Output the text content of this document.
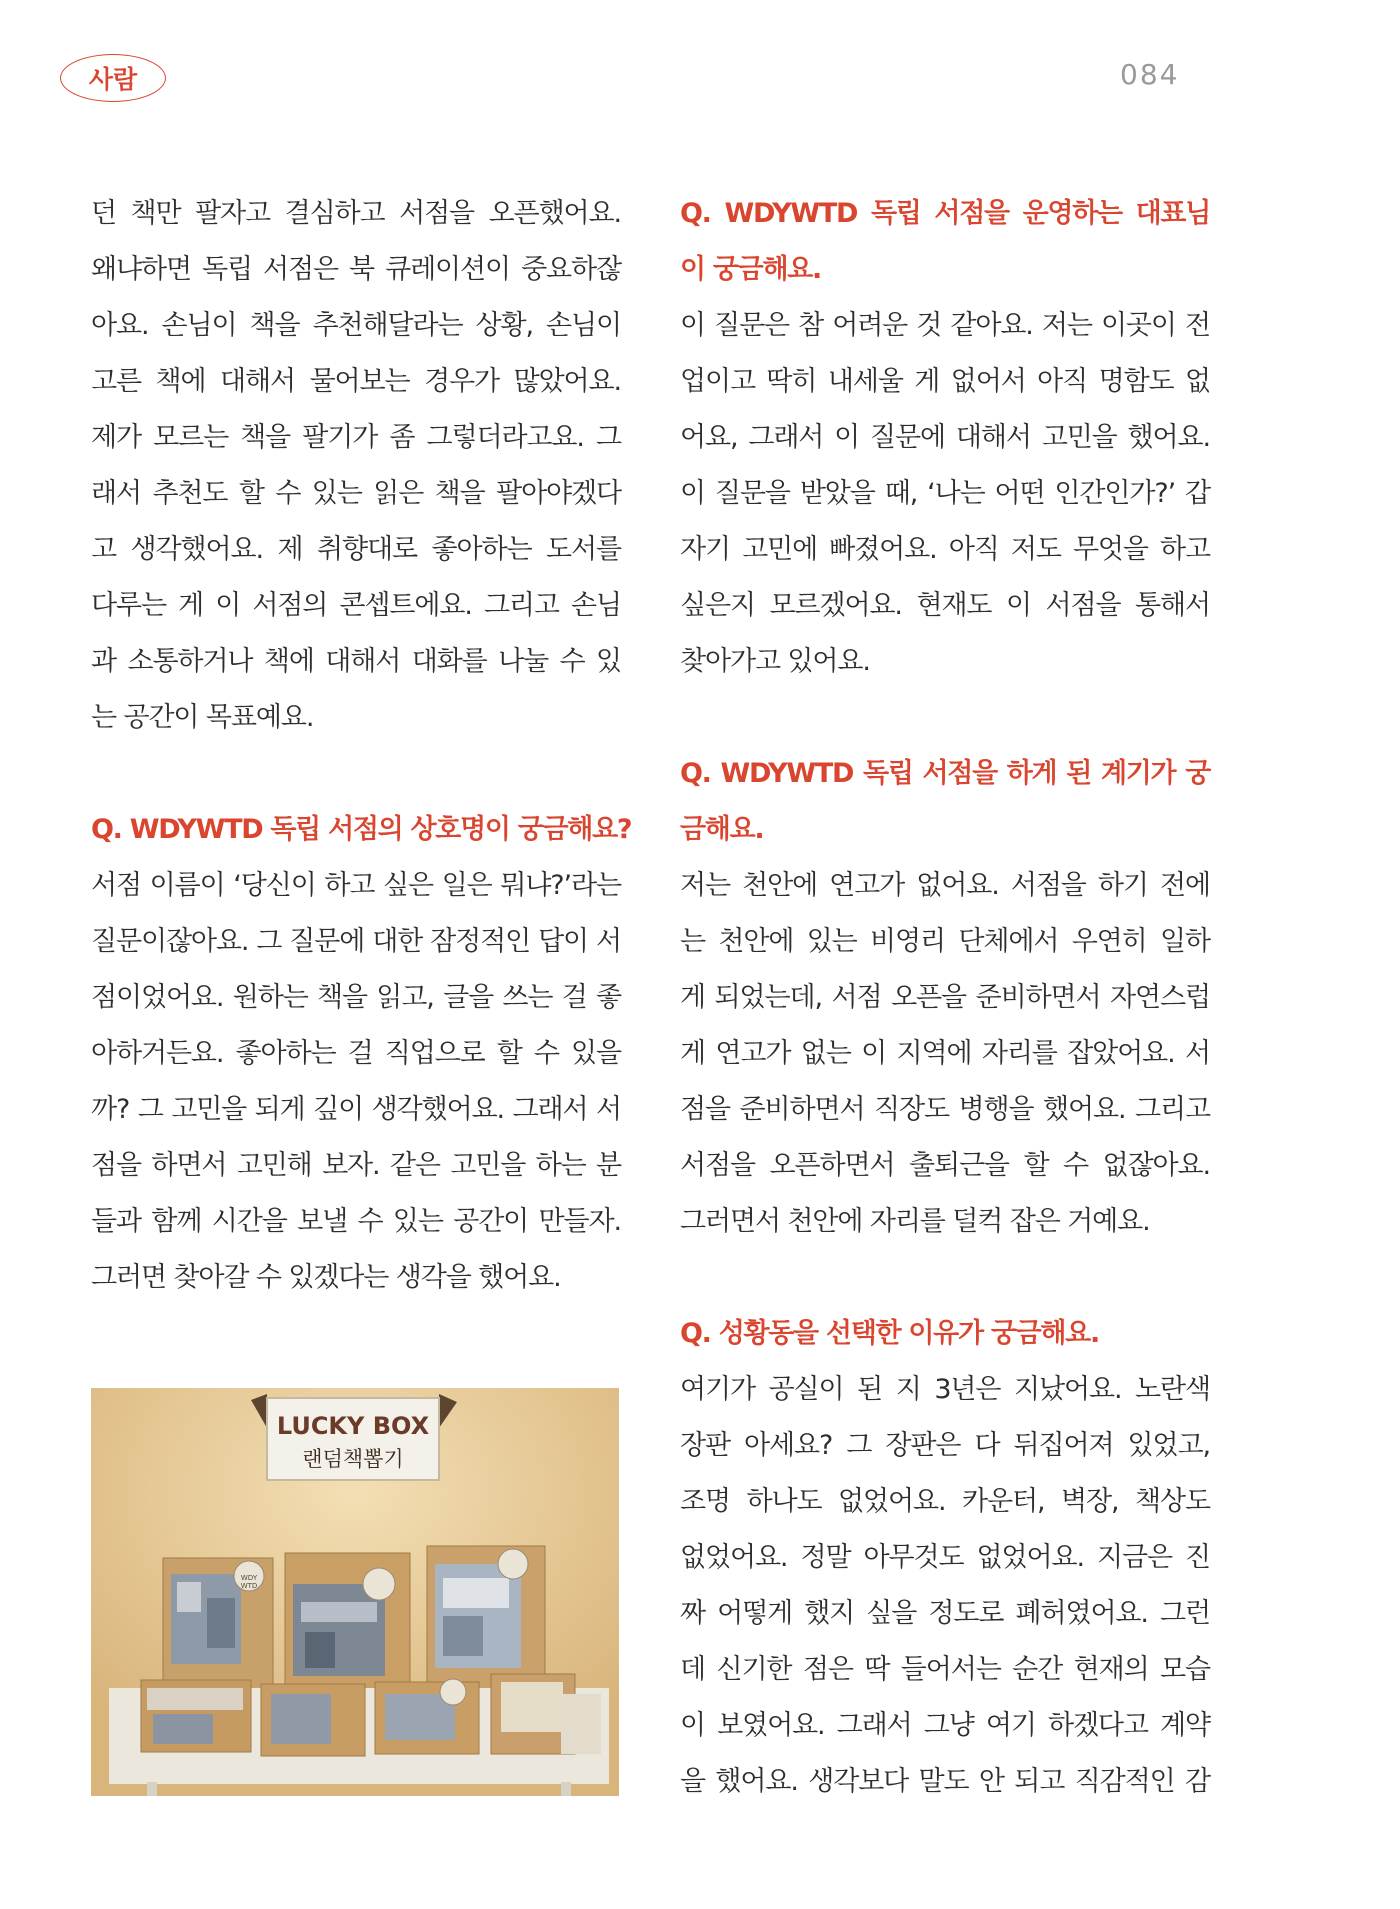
사람	084
던 책만 팔자고 결심하고 서점을 오픈했어요.
왜냐하면 독립 서점은 북 큐레이션이 중요하잖
아요. 손님이 책을 추천해달라는 상황, 손님이
고른 책에 대해서 물어보는 경우가 많았어요.
제가 모르는 책을 팔기가 좀 그렇더라고요. 그
래서 추천도 할 수 있는 읽은 책을 팔아야겠다
고 생각했어요. 제 취향대로 좋아하는 도서를
다루는 게 이 서점의 콘셉트에요. 그리고 손님
과 소통하거나 책에 대해서 대화를 나눌 수 있
는 공간이 목표예요.
Q. WDYWTD 독립 서점의 상호명이 궁금해요?
서점 이름이 ‘당신이 하고 싶은 일은 뭐냐?’라는
질문이잖아요. 그 질문에 대한 잠정적인 답이 서
점이었어요. 원하는 책을 읽고, 글을 쓰는 걸 좋
아하거든요. 좋아하는 걸 직업으로 할 수 있을
까? 그 고민을 되게 깊이 생각했어요. 그래서 서
점을 하면서 고민해 보자. 같은 고민을 하는 분
들과 함께 시간을 보낼 수 있는 공간이 만들자.
그러면 찾아갈 수 있겠다는 생각을 했어요.
LUCKY BOX
랜덤책뽑기
WDY
WTD
Q. WDYWTD 독립 서점을 운영하는 대표님
이 궁금해요.
이 질문은 참 어려운 것 같아요. 저는 이곳이 전
업이고 딱히 내세울 게 없어서 아직 명함도 없
어요, 그래서 이 질문에 대해서 고민을 했어요.
이 질문을 받았을 때, ‘나는 어떤 인간인가?’ 갑
자기 고민에 빠졌어요. 아직 저도 무엇을 하고
싶은지 모르겠어요. 현재도 이 서점을 통해서
찾아가고 있어요.
Q. WDYWTD 독립 서점을 하게 된 계기가 궁
금해요.
저는 천안에 연고가 없어요. 서점을 하기 전에
는 천안에 있는 비영리 단체에서 우연히 일하
게 되었는데, 서점 오픈을 준비하면서 자연스럽
게 연고가 없는 이 지역에 자리를 잡았어요. 서
점을 준비하면서 직장도 병행을 했어요. 그리고
서점을 오픈하면서 출퇴근을 할 수 없잖아요.
그러면서 천안에 자리를 덜컥 잡은 거예요.
Q. 성황동을 선택한 이유가 궁금해요.
여기가 공실이 된 지 3년은 지났어요. 노란색
장판 아세요? 그 장판은 다 뒤집어져 있었고,
조명 하나도 없었어요. 카운터, 벽장, 책상도
없었어요. 정말 아무것도 없었어요. 지금은 진
짜 어떻게 했지 싶을 정도로 폐허였어요. 그런
데 신기한 점은 딱 들어서는 순간 현재의 모습
이 보였어요. 그래서 그냥 여기 하겠다고 계약
을 했어요. 생각보다 말도 안 되고 직감적인 감
